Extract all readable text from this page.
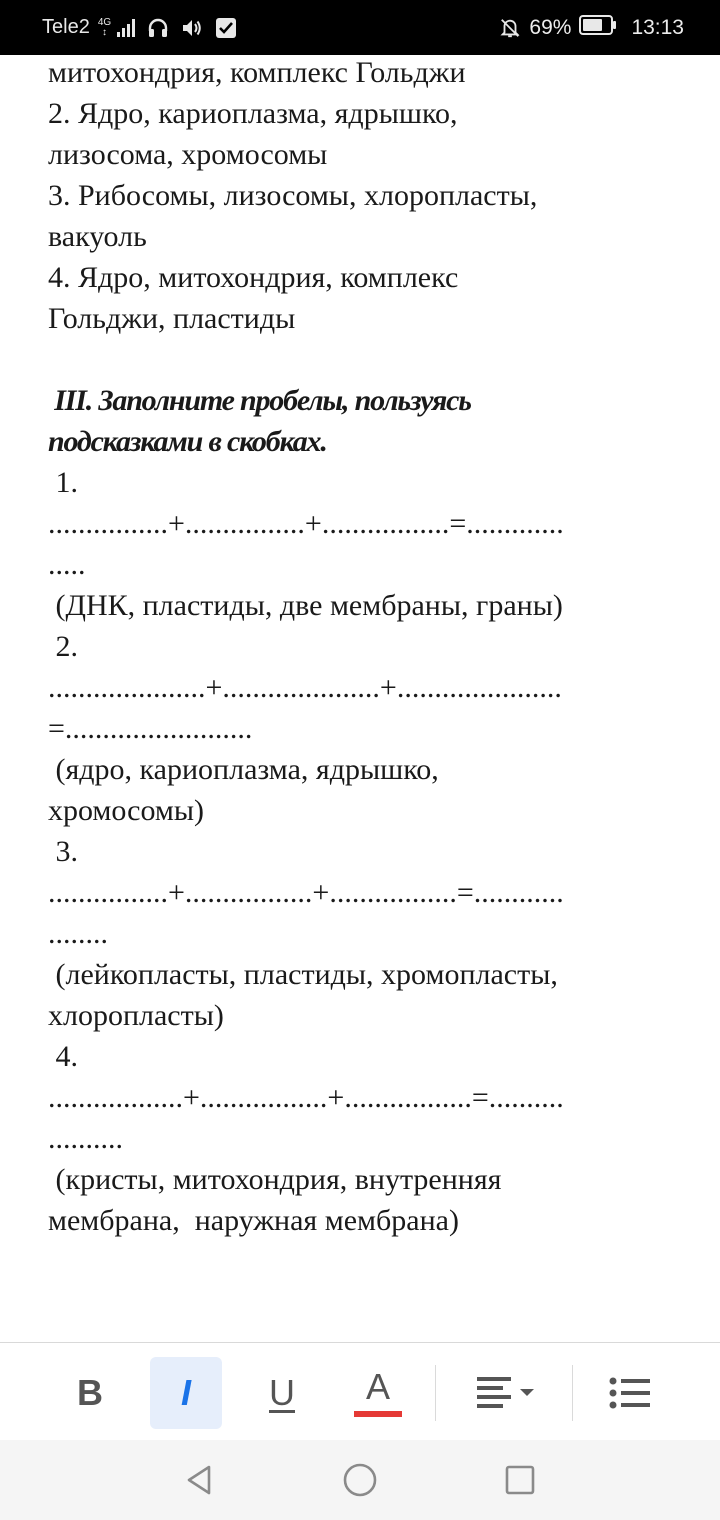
Tele2 4G
↕	69%	13:13
митохондрия, комплекс Гольджи
2. Ядро, кариоплазма, ядрышко,
лизосома, хромосомы
3. Рибосомы, лизосомы, хлоропласты,
вакуоль
4. Ядро, митохондрия, комплекс
Гольджи, пластиды
III. Заполните пробелы, пользуясь
подсказками в скобках.
1.
................+................+.................=.............
.....
(ДНК, пластиды, две мембраны, граны)
2.
.....................+.....................+......................
=.........................
(ядро, кариоплазма, ядрышко,
хромосомы)
3.
................+.................+.................=............
........
(лейкопласты, пластиды, хромопласты,
хлоропласты)
4.
..................+.................+.................=..........
..........
(кристы, митохондрия, внутренняя
мембрана,  наружная мембрана)
B I U A
